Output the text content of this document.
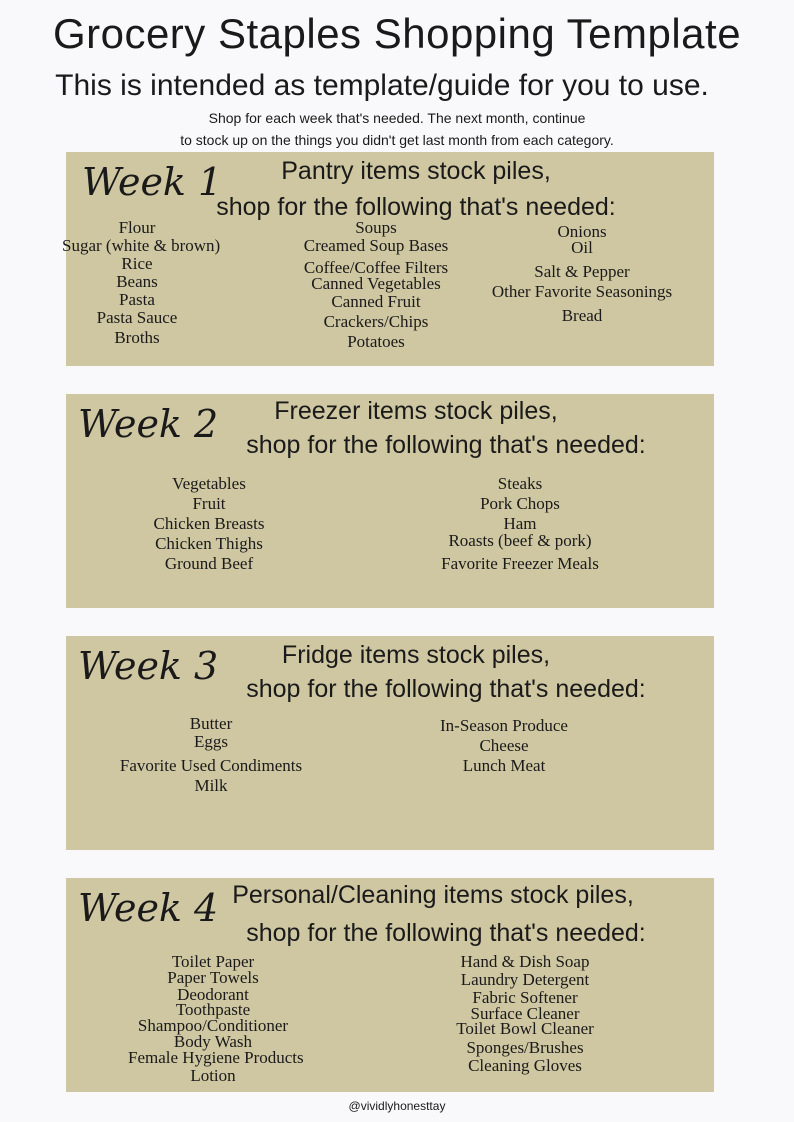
Grocery Staples Shopping Template
This is intended as template/guide for you to use.
Shop for each week that's needed. The next month, continue
to stock up on the things you didn't get last month from each category.
Week 1	Pantry items stock piles,
shop for the following that's needed:
Flour
Sugar (white & brown)
Rice
Beans
Pasta
Pasta Sauce
Broths
Soups
Creamed Soup Bases
Coffee/Coffee Filters
Canned Vegetables
Canned Fruit
Crackers/Chips
Potatoes
Onions
Oil
Salt & Pepper
Other Favorite Seasonings
Bread
Week 2	Freezer items stock piles,
shop for the following that's needed:
Vegetables
Fruit
Chicken Breasts
Chicken Thighs
Ground Beef
Steaks
Pork Chops
Ham
Roasts (beef & pork)
Favorite Freezer Meals
Week 3	Fridge items stock piles,
shop for the following that's needed:
Butter
Eggs
Favorite Used Condiments
Milk
In-Season Produce
Cheese
Lunch Meat
Week 4 Personal/Cleaning items stock piles,
shop for the following that's needed:
Toilet Paper
Paper Towels
Deodorant
Toothpaste
Shampoo/Conditioner
Body Wash
Female Hygiene Products
Lotion
Hand & Dish Soap
Laundry Detergent
Fabric Softener
Surface Cleaner
Toilet Bowl Cleaner
Sponges/Brushes
Cleaning Gloves
@vividlyhonesttay
